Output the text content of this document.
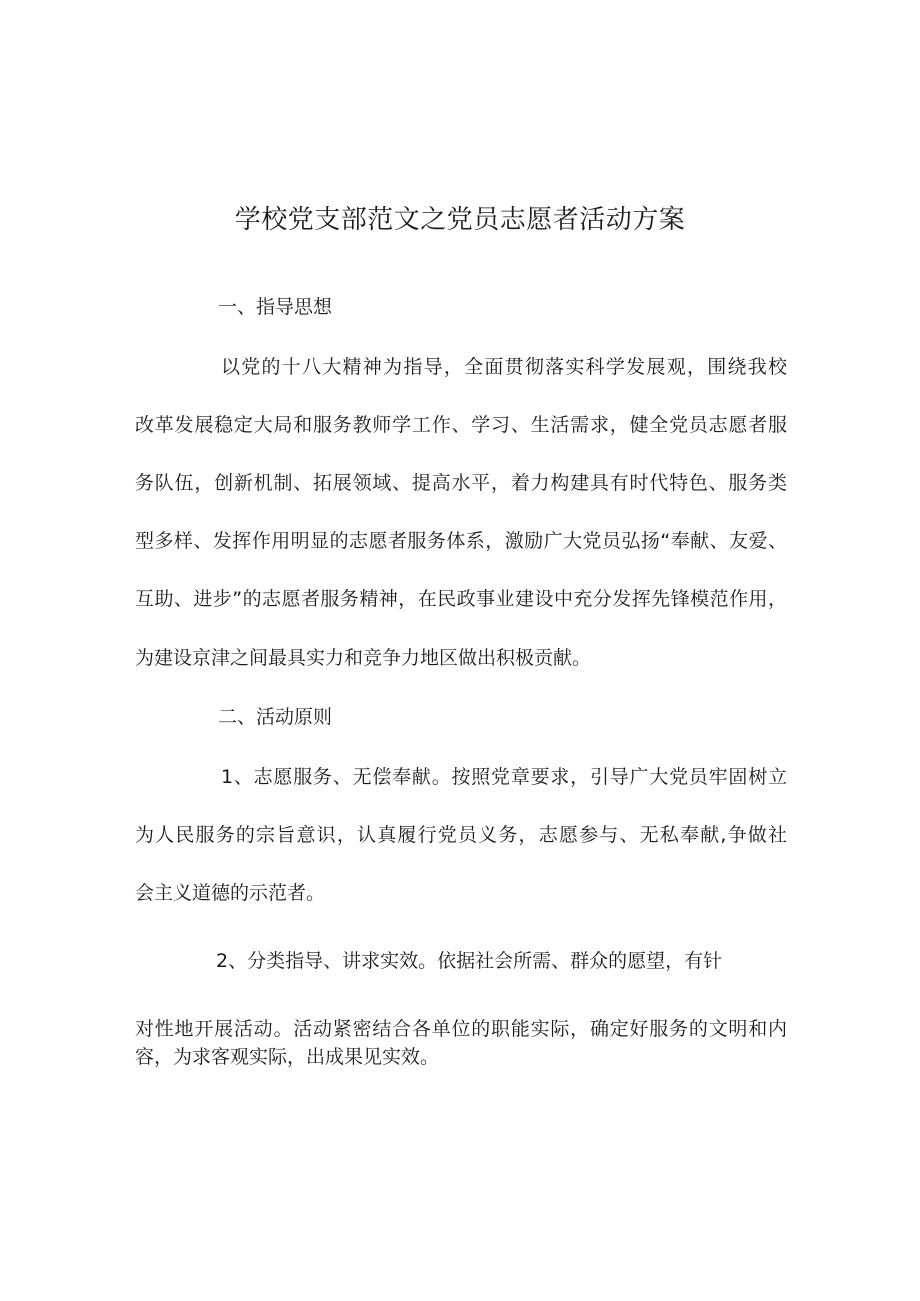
学校党支部范文之党员志愿者活动方案
一、指导思想

以党的十八大精神为指导，全面贯彻落实科学发展观，围绕我校

改革发展稳定大局和服务教师学工作、学习、生活需求，健全党员志愿者服

务队伍，创新机制、拓展领域、提高水平，着力构建具有时代特色、服务类

型多样、发挥作用明显的志愿者服务体系，激励广大党员弘扬“奉献、友爱、

互助、进步”的志愿者服务精神，在民政事业建设中充分发挥先锋模范作用，

为建设京津之间最具实力和竞争力地区做出积极贡献。

二、活动原则

1、志愿服务、无偿奉献。按照党章要求，引导广大党员牢固树立

为人民服务的宗旨意识，认真履行党员义务，志愿参与、无私奉献,争做社

会主义道德的示范者。

2、分类指导、讲求实效。依据社会所需、群众的愿望，有针

对性地开展活动。活动紧密结合各单位的职能实际，确定好服务的文明和内

容，为求客观实际，出成果见实效。
